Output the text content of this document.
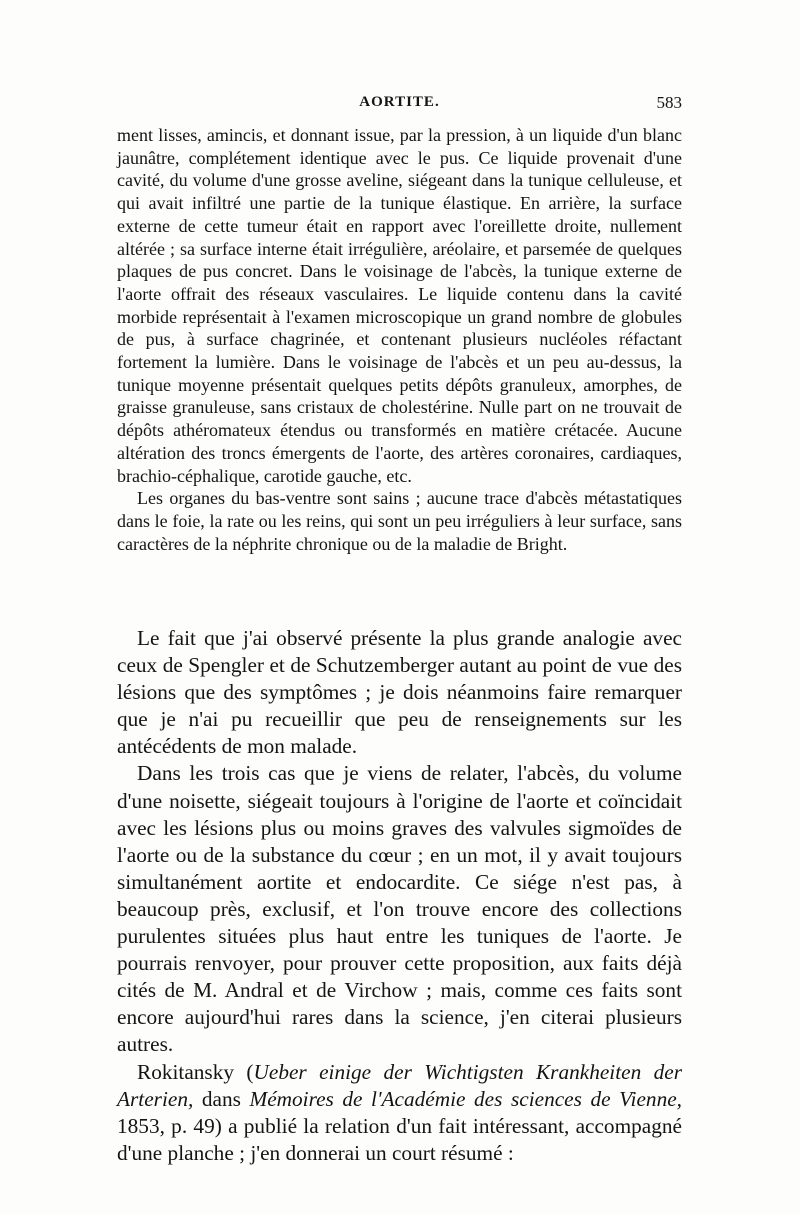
AORTITE.	583

ment lisses, amincis, et donnant issue, par la pression, à un liquide d'un blanc jaunâtre, complétement identique avec le pus. Ce liquide provenait d'une cavité, du volume d'une grosse aveline, siégeant dans la tunique celluleuse, et qui avait infiltré une partie de la tunique élastique. En arrière, la surface externe de cette tumeur était en rapport avec l'oreillette droite, nullement altérée ; sa surface interne était irrégulière, aréolaire, et parsemée de quelques plaques de pus concret. Dans le voisinage de l'abcès, la tunique externe de l'aorte offrait des réseaux vasculaires. Le liquide contenu dans la cavité morbide représentait à l'examen microscopique un grand nombre de globules de pus, à surface chagrinée, et contenant plusieurs nucléoles réfactant fortement la lumière. Dans le voisinage de l'abcès et un peu au-dessus, la tunique moyenne présentait quelques petits dépôts granuleux, amorphes, de graisse granuleuse, sans cristaux de cholestérine. Nulle part on ne trouvait de dépôts athéromateux étendus ou transformés en matière crétacée. Aucune altération des troncs émergents de l'aorte, des artères coronaires, cardiaques, brachio-céphalique, carotide gauche, etc.

Les organes du bas-ventre sont sains ; aucune trace d'abcès métastatiques dans le foie, la rate ou les reins, qui sont un peu irréguliers à leur surface, sans caractères de la néphrite chronique ou de la maladie de Bright.

Le fait que j'ai observé présente la plus grande analogie avec ceux de Spengler et de Schutzemberger autant au point de vue des lésions que des symptômes ; je dois néanmoins faire remarquer que je n'ai pu recueillir que peu de renseignements sur les antécédents de mon malade.

Dans les trois cas que je viens de relater, l'abcès, du volume d'une noisette, siégeait toujours à l'origine de l'aorte et coïncidait avec les lésions plus ou moins graves des valvules sigmoïdes de l'aorte ou de la substance du cœur ; en un mot, il y avait toujours simultanément aortite et endocardite. Ce siége n'est pas, à beaucoup près, exclusif, et l'on trouve encore des collections purulentes situées plus haut entre les tuniques de l'aorte. Je pourrais renvoyer, pour prouver cette proposition, aux faits déjà cités de M. Andral et de Virchow ; mais, comme ces faits sont encore aujourd'hui rares dans la science, j'en citerai plusieurs autres.

Rokitansky (Ueber einige der Wichtigsten Krankheiten der Arterien, dans Mémoires de l'Académie des sciences de Vienne, 1853, p. 49) a publié la relation d'un fait intéressant, accompagné d'une planche ; j'en donnerai un court résumé :
